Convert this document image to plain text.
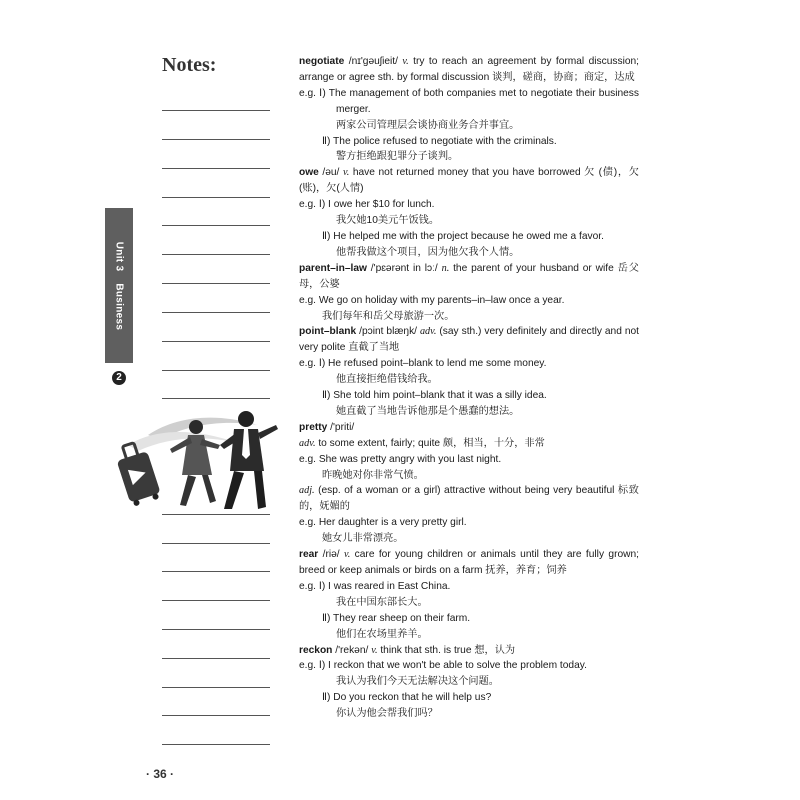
Notes:
Unit 3Business
2

negotiate /nɪ'ɡəuʃieit/ v. try to reach an agreement by formal discussion; arrange or agree sth. by formal discussion 谈判，磋商，协商；商定，达成

e.g. Ⅰ) The management of both companies met to negotiate their business merger.

两家公司管理层会谈协商业务合并事宜。

Ⅱ) The police refused to negotiate with the criminals.

警方拒绝跟犯罪分子谈判。

owe /əu/ v. have not returned money that you have borrowed 欠 (债)，欠 (账)，欠(人情)

e.g. Ⅰ) I owe her $10 for lunch.

我欠她10美元午饭钱。

Ⅱ) He helped me with the project because he owed me a favor.

他帮我做这个项目，因为他欠我个人情。

parent–in–law /'pɛərənt in lɔː/ n. the parent of your husband or wife 岳父母，公婆

e.g. We go on holiday with my parents–in–law once a year.

我们每年和岳父母旅游一次。

point–blank /pɔint blæŋk/ adv. (say sth.) very definitely and directly and not very polite 直截了当地

e.g. Ⅰ) He refused point–blank to lend me some money.

他直接拒绝借钱给我。

Ⅱ) She told him point–blank that it was a silly idea.

她直截了当地告诉他那是个愚蠢的想法。

pretty /'priti/

adv. to some extent, fairly; quite 颇，相当，十分，非常

e.g. She was pretty angry with you last night.

昨晚她对你非常气愤。

adj. (esp. of a woman or a girl) attractive without being very beautiful 标致的，妩媚的

e.g. Her daughter is a very pretty girl.

她女儿非常漂亮。

rear /riə/ v. care for young children or animals until they are fully grown; breed or keep animals or birds on a farm 抚养，养育；饲养

e.g. Ⅰ) I was reared in East China.

我在中国东部长大。

Ⅱ) They rear sheep on their farm.

他们在农场里养羊。

reckon /'rekən/ v. think that sth. is true 想，认为

e.g. Ⅰ) I reckon that we won't be able to solve the problem today.

我认为我们今天无法解决这个问题。

Ⅱ) Do you reckon that he will help us?

你认为他会帮我们吗？

· 36 ·
